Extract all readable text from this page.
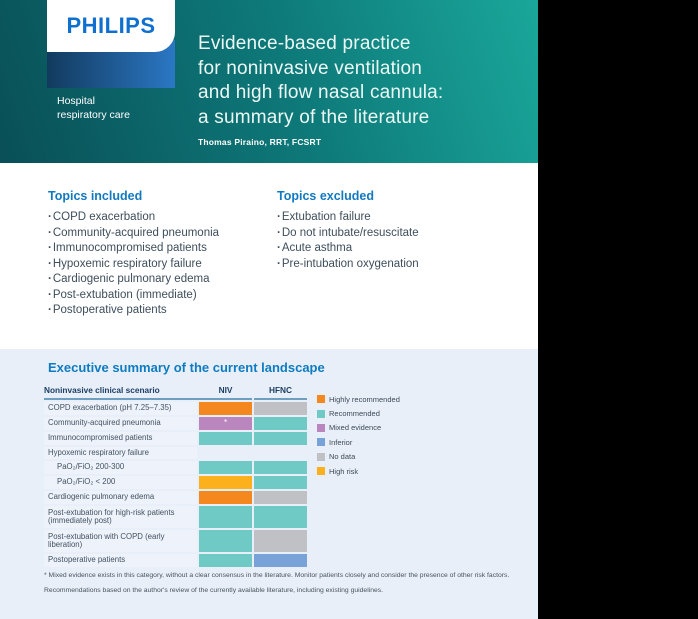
Hospital
respiratory care
PHILIPS
Evidence-based practice
for noninvasive ventilation
and high flow nasal cannula:
a summary of the literature
Thomas Piraino, RRT, FCSRT
Topics included
· COPD exacerbation
· Community-acquired pneumonia
· Immunocompromised patients
· Hypoxemic respiratory failure
· Cardiogenic pulmonary edema
· Post-extubation (immediate)
· Postoperative patients
Topics excluded
· Extubation failure
· Do not intubate/resuscitate
· Acute asthma
· Pre-intubation oxygenation
Executive summary of the current landscape
Noninvasive clinical scenario	NIV	HFNC
COPD exacerbation (pH 7.25–7.35)
Community-acquired pneumonia	*
Immunocompromised patients
Hypoxemic respiratory failure
PaO₂/FiO₂ 200-300
PaO₂/FiO₂ < 200
Cardiogenic pulmonary edema
Post-extubation for high-risk patients (immediately post)
Post-extubation with COPD (early liberation)
Postoperative patients
Highly recommended
Recommended
Mixed evidence
Inferior
No data
High risk
* Mixed evidence exists in this category, without a clear consensus in the literature. Monitor patients closely and consider the presence of other risk factors.
Recommendations based on the author's review of the currently available literature, including existing guidelines.
